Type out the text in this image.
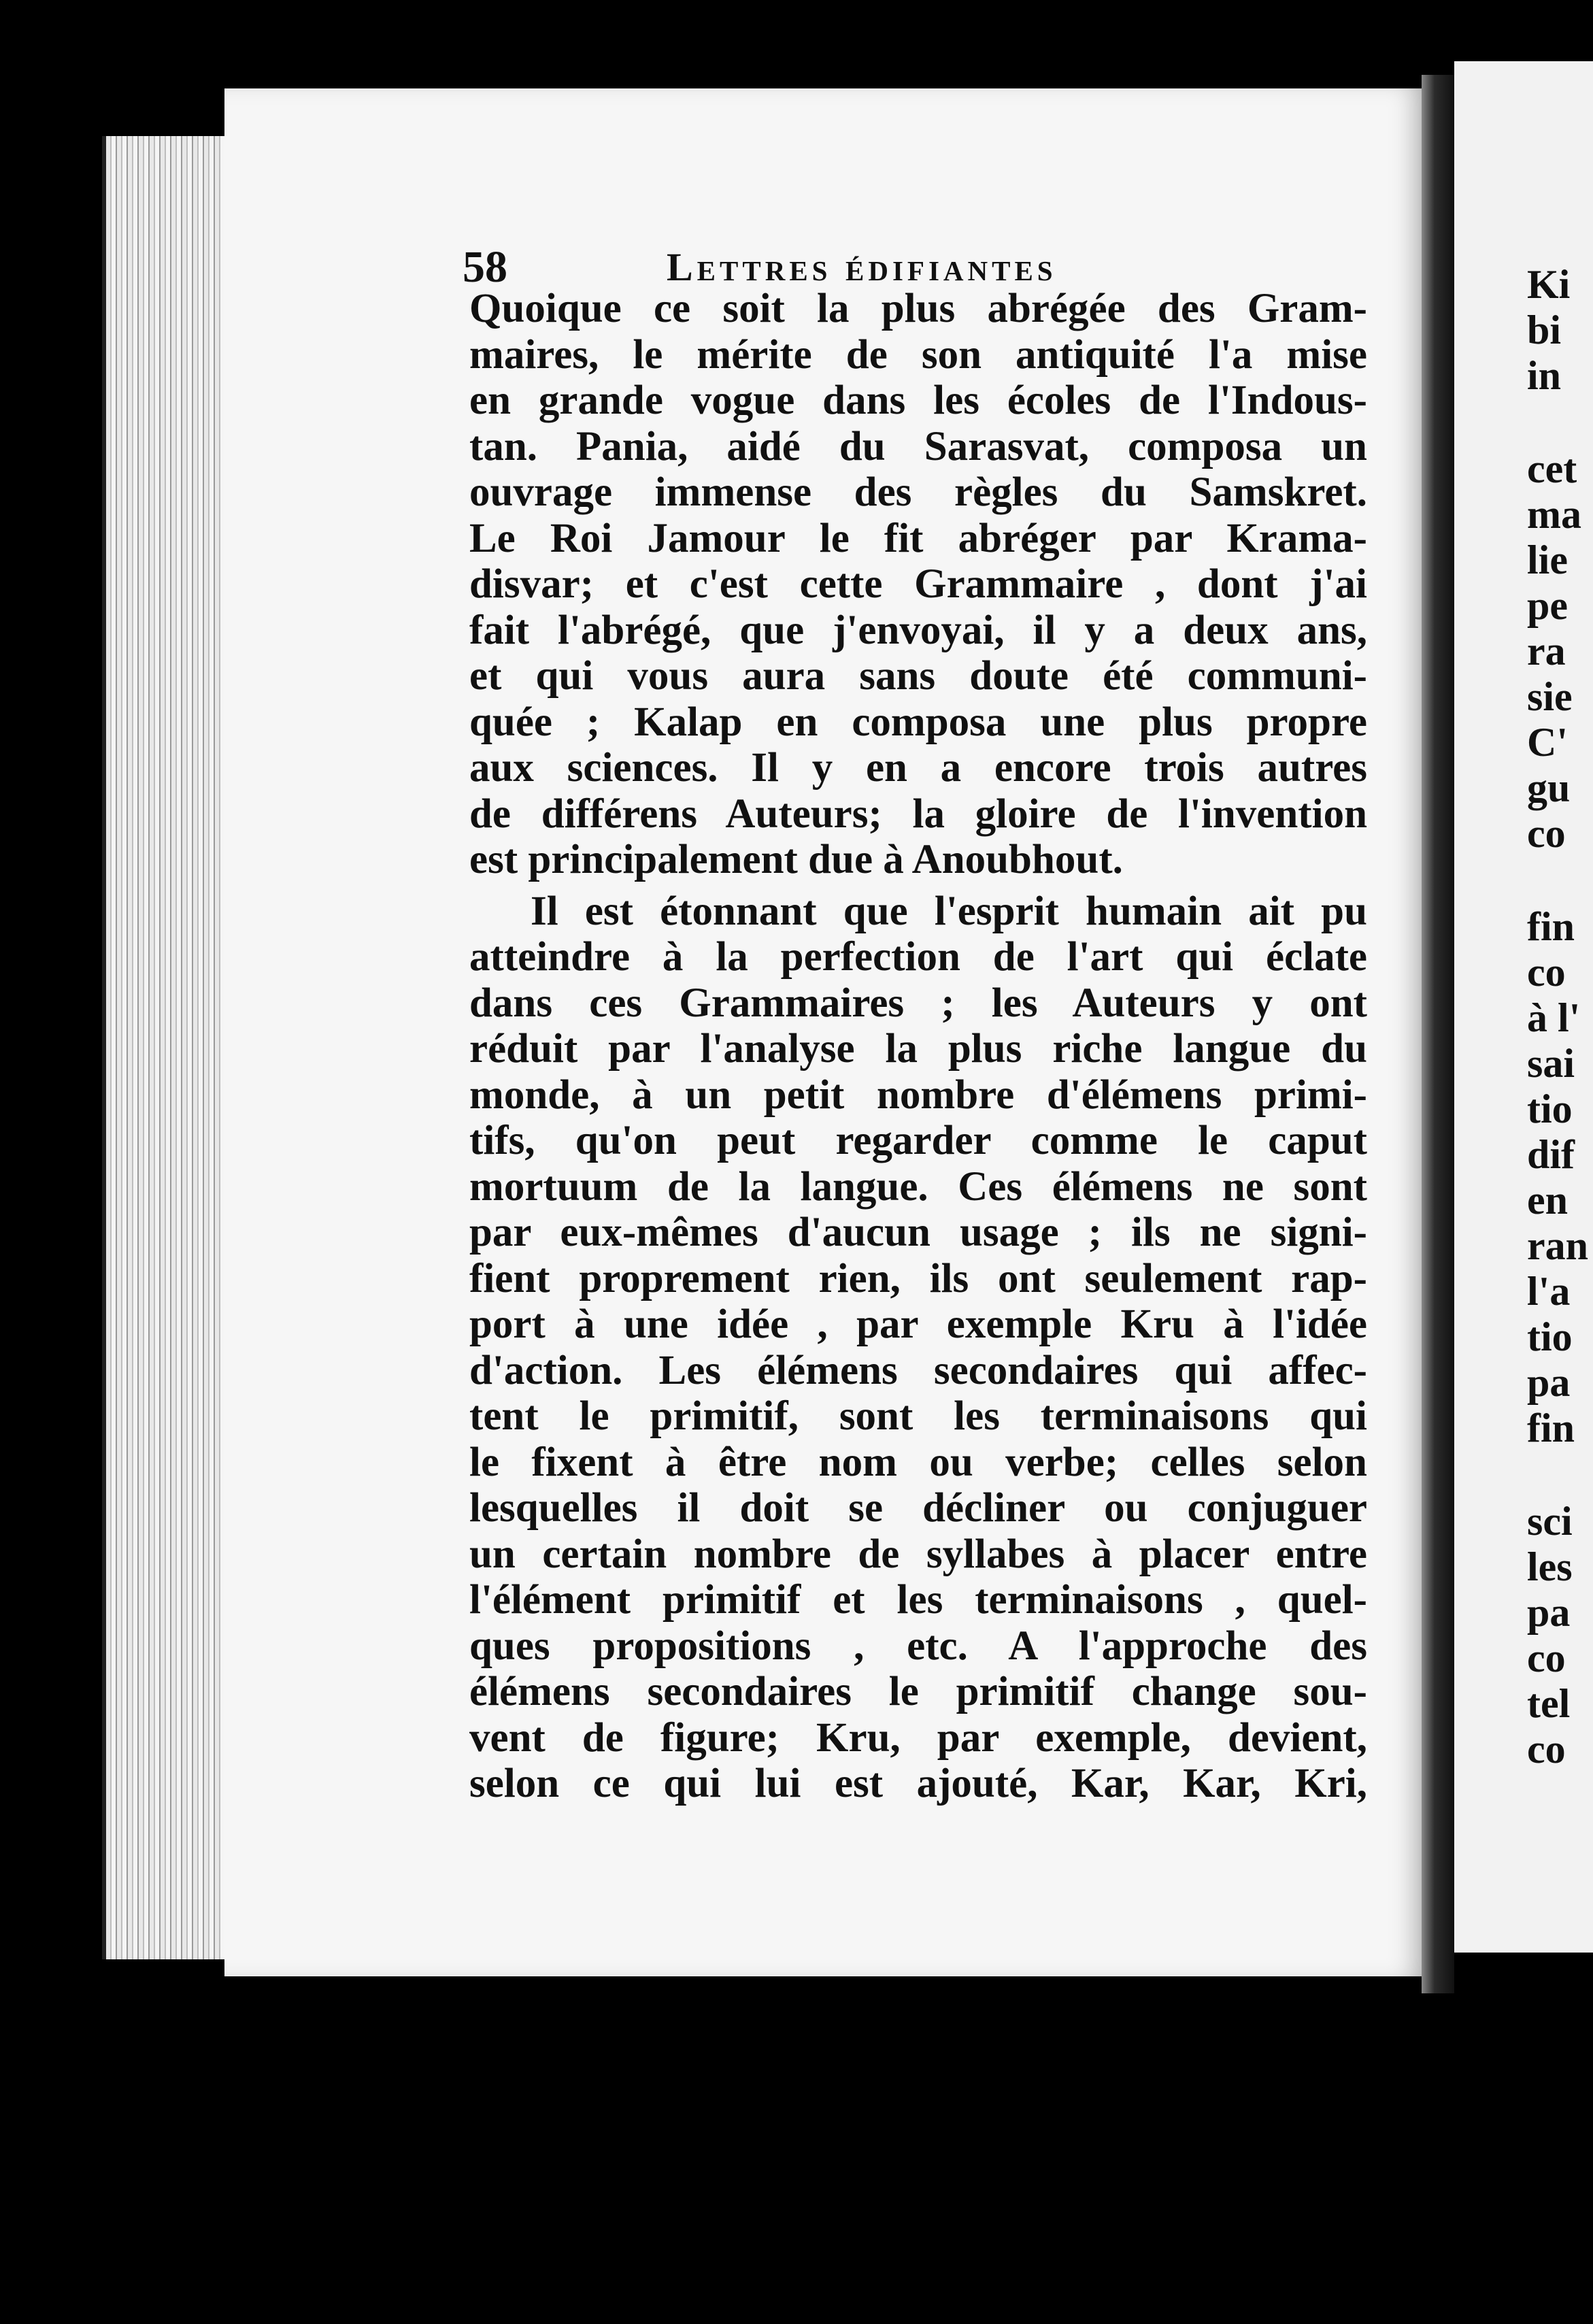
58	Lettres édifiantes
Quoique ce soit la plus abrégée des Gram-
maires, le mérite de son antiquité l'a mise
en grande vogue dans les écoles de l'Indous-
tan. Pania, aidé du Sarasvat, composa un
ouvrage immense des règles du Samskret.
Le Roi Jamour le fit abréger par Krama-
disvar; et c'est cette Grammaire , dont j'ai
fait l'abrégé, que j'envoyai, il y a deux ans,
et qui vous aura sans doute été communi-
quée ; Kalap en composa une plus propre
aux sciences. Il y en a encore trois autres
de différens Auteurs; la gloire de l'invention
est principalement due à Anoubhout.
Il est étonnant que l'esprit humain ait pu
atteindre à la perfection de l'art qui éclate
dans ces Grammaires ; les Auteurs y ont
réduit par l'analyse la plus riche langue du
monde, à un petit nombre d'élémens primi-
tifs, qu'on peut regarder comme le caput
mortuum de la langue. Ces élémens ne sont
par eux-mêmes d'aucun usage ; ils ne signi-
fient proprement rien, ils ont seulement rap-
port à une idée , par exemple Kru à l'idée
d'action. Les élémens secondaires qui affec-
tent le primitif, sont les terminaisons qui
le fixent à être nom ou verbe; celles selon
lesquelles il doit se décliner ou conjuguer
un certain nombre de syllabes à placer entre
l'élément primitif et les terminaisons , quel-
ques propositions , etc. A l'approche des
élémens secondaires le primitif change sou-
vent de figure; Kru, par exemple, devient,
selon ce qui lui est ajouté, Kar, Kar, Kri,
Ki
bi
in
cet
ma
lie
pe
ra
sie
C'
gu
co
fin
co
à l'
sai
tio
dif
en
ran
l'a
tio
pa
fin
sci
les
pa
co
tel
co
